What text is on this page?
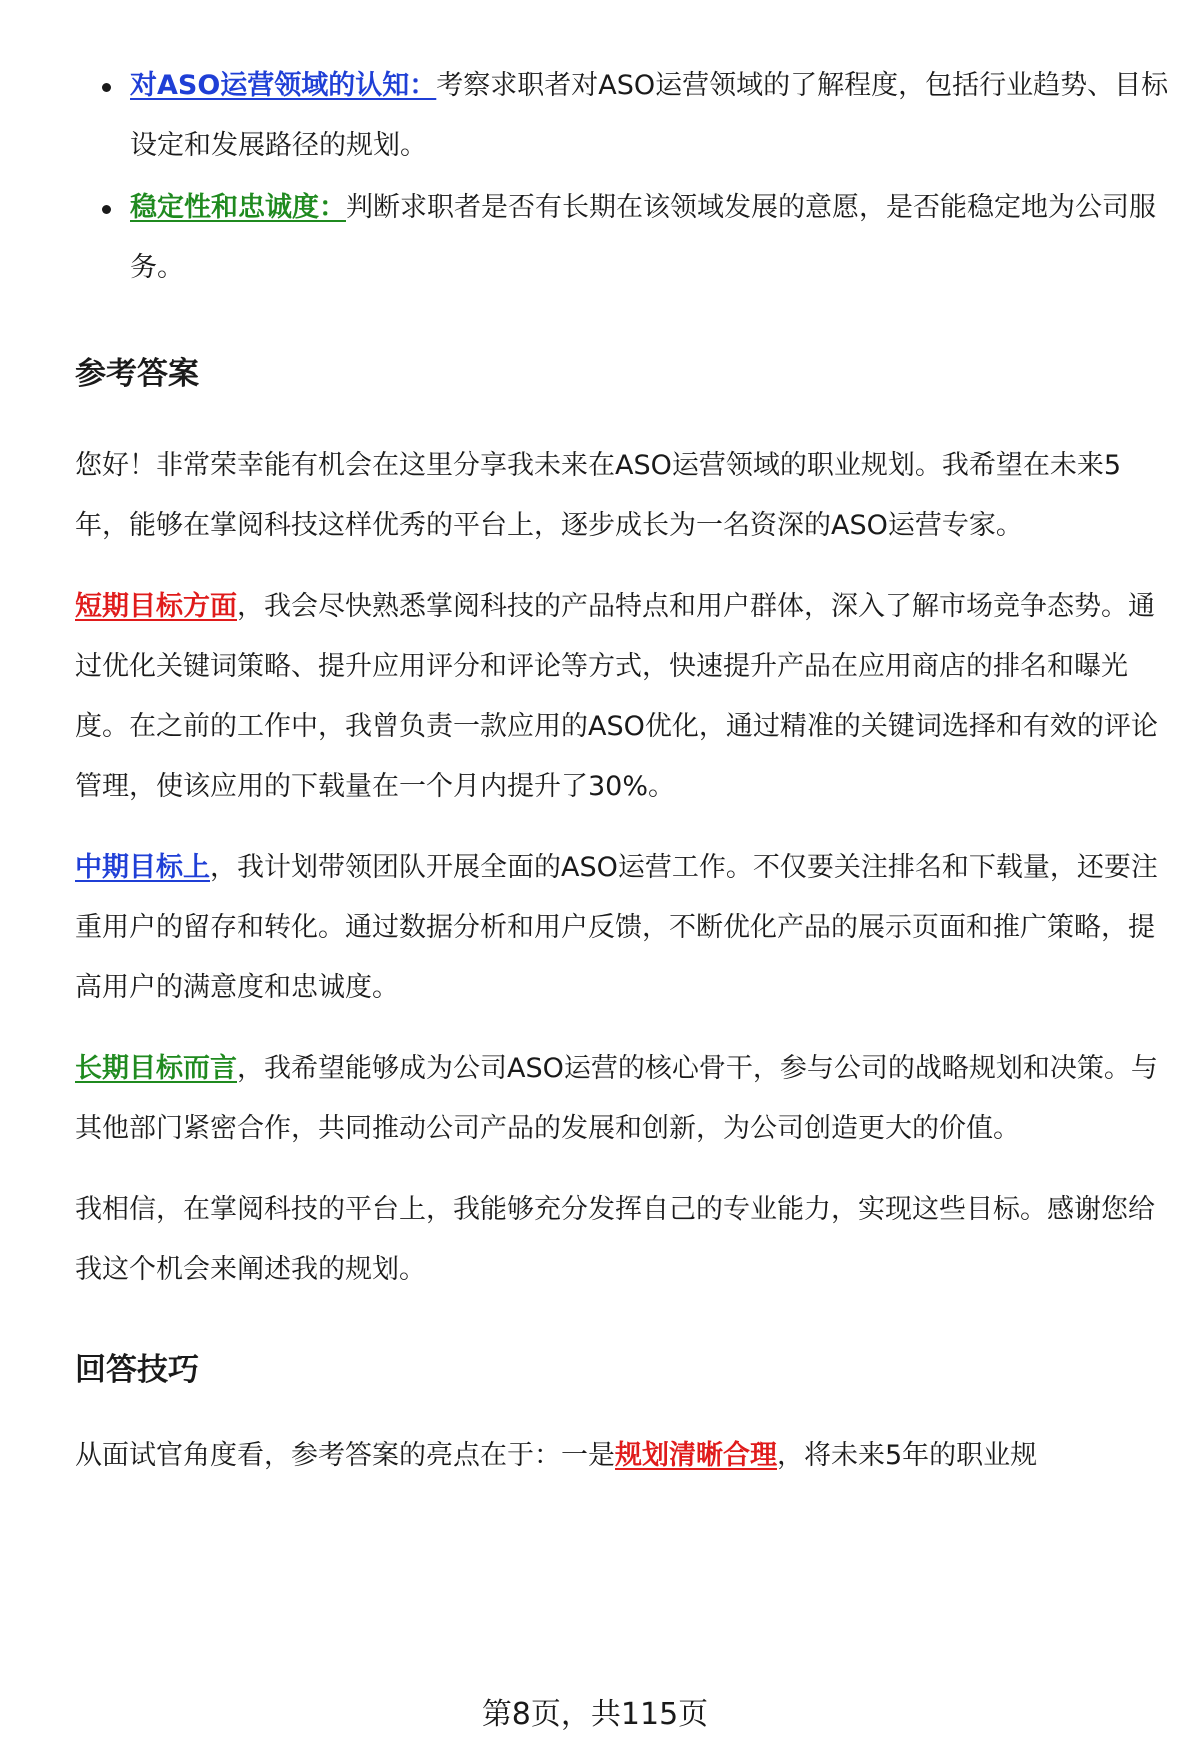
对ASO运营领域的认知：考察求职者对ASO运营领域的了解程度，包括行业趋势、目标设定和发展路径的规划。
稳定性和忠诚度：判断求职者是否有长期在该领域发展的意愿，是否能稳定地为公司服务。
参考答案

您好！非常荣幸能有机会在这里分享我未来在ASO运营领域的职业规划。我希望在未来5年，能够在掌阅科技这样优秀的平台上，逐步成长为一名资深的ASO运营专家。

短期目标方面，我会尽快熟悉掌阅科技的产品特点和用户群体，深入了解市场竞争态势。通过优化关键词策略、提升应用评分和评论等方式，快速提升产品在应用商店的排名和曝光度。在之前的工作中，我曾负责一款应用的ASO优化，通过精准的关键词选择和有效的评论管理，使该应用的下载量在一个月内提升了30%。

中期目标上，我计划带领团队开展全面的ASO运营工作。不仅要关注排名和下载量，还要注重用户的留存和转化。通过数据分析和用户反馈，不断优化产品的展示页面和推广策略，提高用户的满意度和忠诚度。

长期目标而言，我希望能够成为公司ASO运营的核心骨干，参与公司的战略规划和决策。与其他部门紧密合作，共同推动公司产品的发展和创新，为公司创造更大的价值。

我相信，在掌阅科技的平台上，我能够充分发挥自己的专业能力，实现这些目标。感谢您给我这个机会来阐述我的规划。

回答技巧

从面试官角度看，参考答案的亮点在于：一是规划清晰合理，将未来5年的职业规

第8页，共115页
